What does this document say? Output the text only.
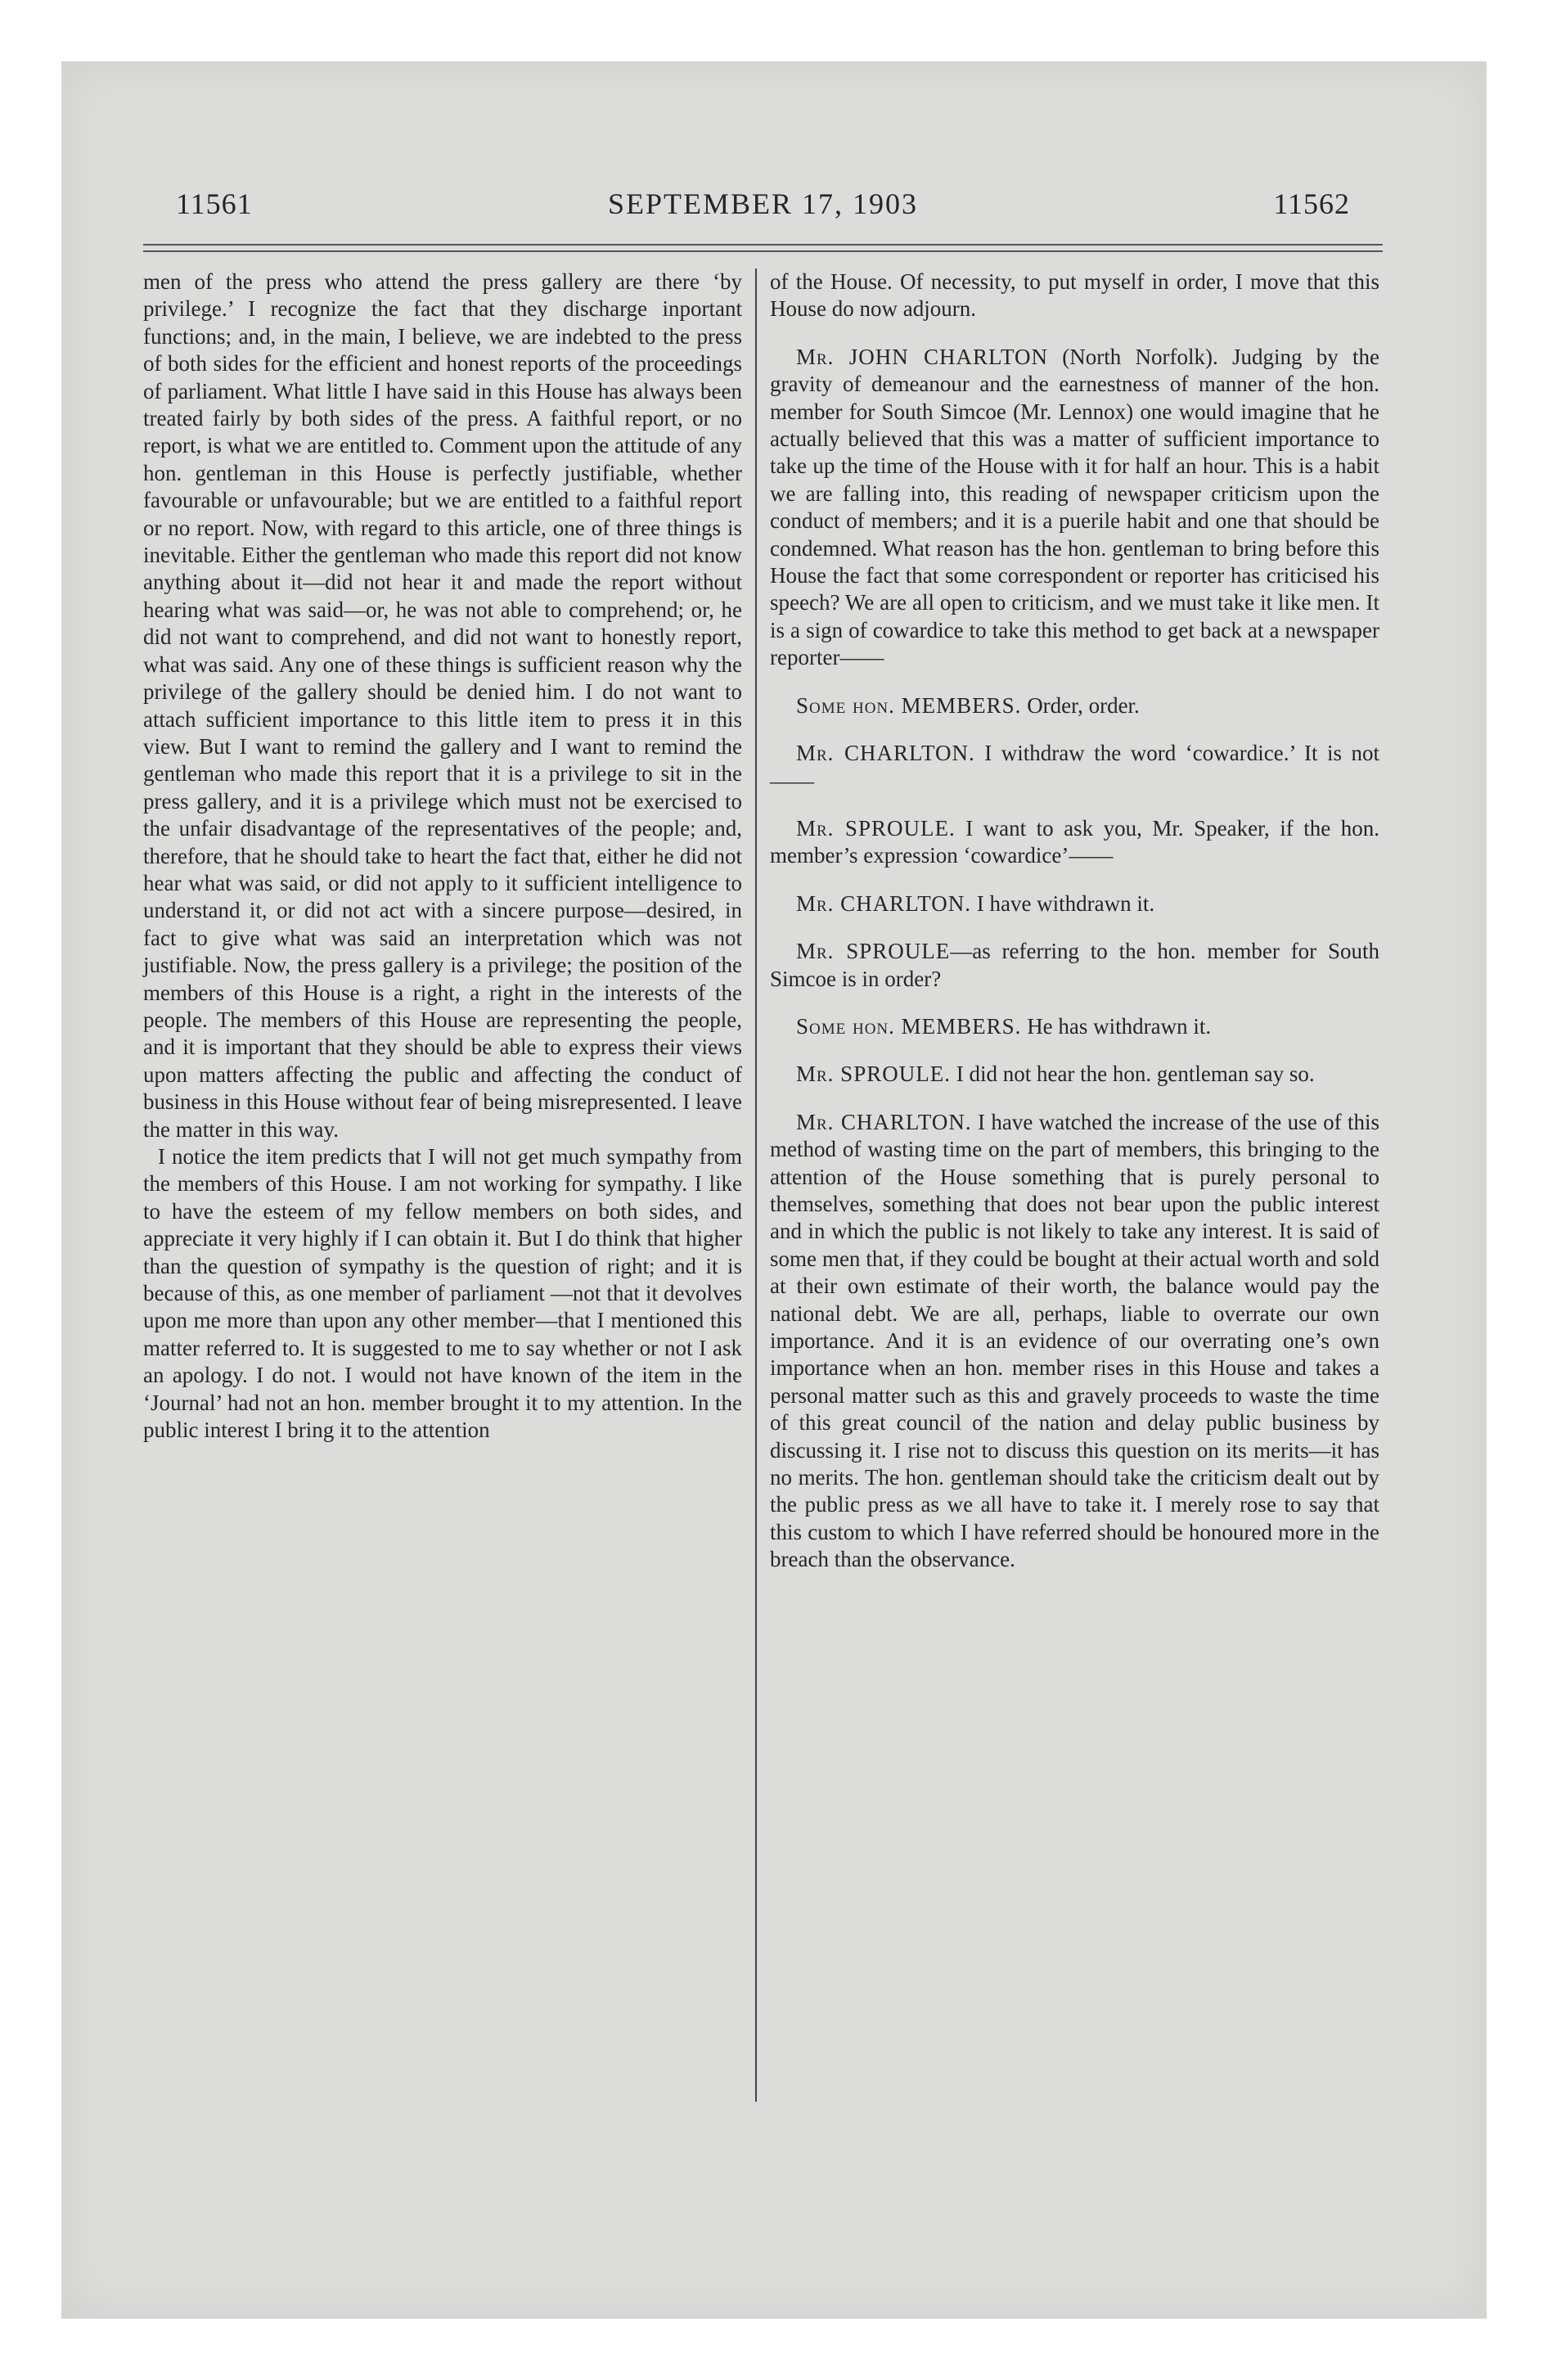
11561	SEPTEMBER 17, 1903	11562

men of the press who attend the press gallery are there ‘by privilege.’ I recognize the fact that they discharge inportant functions; and, in the main, I believe, we are indebted to the press of both sides for the efficient and honest reports of the proceedings of parliament. What little I have said in this House has always been treated fairly by both sides of the press. A faithful report, or no report, is what we are entitled to. Comment upon the attitude of any hon. gentleman in this House is perfectly justifiable, whether favourable or unfavourable; but we are entitled to a faithful report or no report. Now, with regard to this article, one of three things is inevitable. Either the gentleman who made this report did not know anything about it—did not hear it and made the report without hearing what was said—or, he was not able to comprehend; or, he did not want to comprehend, and did not want to honestly report, what was said. Any one of these things is sufficient reason why the privilege of the gallery should be denied him. I do not want to attach sufficient importance to this little item to press it in this view. But I want to remind the gallery and I want to remind the gentleman who made this report that it is a privilege to sit in the press gallery, and it is a privilege which must not be exercised to the unfair disadvantage of the representatives of the people; and, therefore, that he should take to heart the fact that, either he did not hear what was said, or did not apply to it sufficient intelligence to understand it, or did not act with a sincere purpose—desired, in fact to give what was said an interpretation which was not justifiable. Now, the press gallery is a privilege; the position of the members of this House is a right, a right in the interests of the people. The members of this House are representing the people, and it is important that they should be able to express their views upon matters affecting the public and affecting the conduct of business in this House without fear of being misrepresented. I leave the matter in this way.

I notice the item predicts that I will not get much sympathy from the members of this House. I am not working for sympathy. I like to have the esteem of my fellow members on both sides, and appreciate it very highly if I can obtain it. But I do think that higher than the question of sympathy is the question of right; and it is because of this, as one member of parliament —not that it devolves upon me more than upon any other member—that I mentioned this matter referred to. It is suggested to me to say whether or not I ask an apology. I do not. I would not have known of the item in the ‘Journal’ had not an hon. member brought it to my attention. In the public interest I bring it to the attention

of the House. Of necessity, to put myself in order, I move that this House do now adjourn.

Mr. JOHN CHARLTON (North Norfolk). Judging by the gravity of demeanour and the earnestness of manner of the hon. member for South Simcoe (Mr. Lennox) one would imagine that he actually believed that this was a matter of sufficient importance to take up the time of the House with it for half an hour. This is a habit we are falling into, this reading of newspaper criticism upon the conduct of members; and it is a puerile habit and one that should be condemned. What reason has the hon. gentleman to bring before this House the fact that some correspondent or reporter has criticised his speech? We are all open to criticism, and we must take it like men. It is a sign of cowardice to take this method to get back at a newspaper reporter——

Some hon. MEMBERS. Order, order.

Mr. CHARLTON. I withdraw the word ‘cowardice.’ It is not——

Mr. SPROULE. I want to ask you, Mr. Speaker, if the hon. member’s expression ‘cowardice’——

Mr. CHARLTON. I have withdrawn it.

Mr. SPROULE—as referring to the hon. member for South Simcoe is in order?

Some hon. MEMBERS. He has withdrawn it.

Mr. SPROULE. I did not hear the hon. gentleman say so.

Mr. CHARLTON. I have watched the increase of the use of this method of wasting time on the part of members, this bringing to the attention of the House something that is purely personal to themselves, something that does not bear upon the public interest and in which the public is not likely to take any interest. It is said of some men that, if they could be bought at their actual worth and sold at their own estimate of their worth, the balance would pay the national debt. We are all, perhaps, liable to overrate our own importance. And it is an evidence of our overrating one’s own importance when an hon. member rises in this House and takes a personal matter such as this and gravely proceeds to waste the time of this great council of the nation and delay public business by discussing it. I rise not to discuss this question on its merits—it has no merits. The hon. gentleman should take the criticism dealt out by the public press as we all have to take it. I merely rose to say that this custom to which I have referred should be honoured more in the breach than the observance.
